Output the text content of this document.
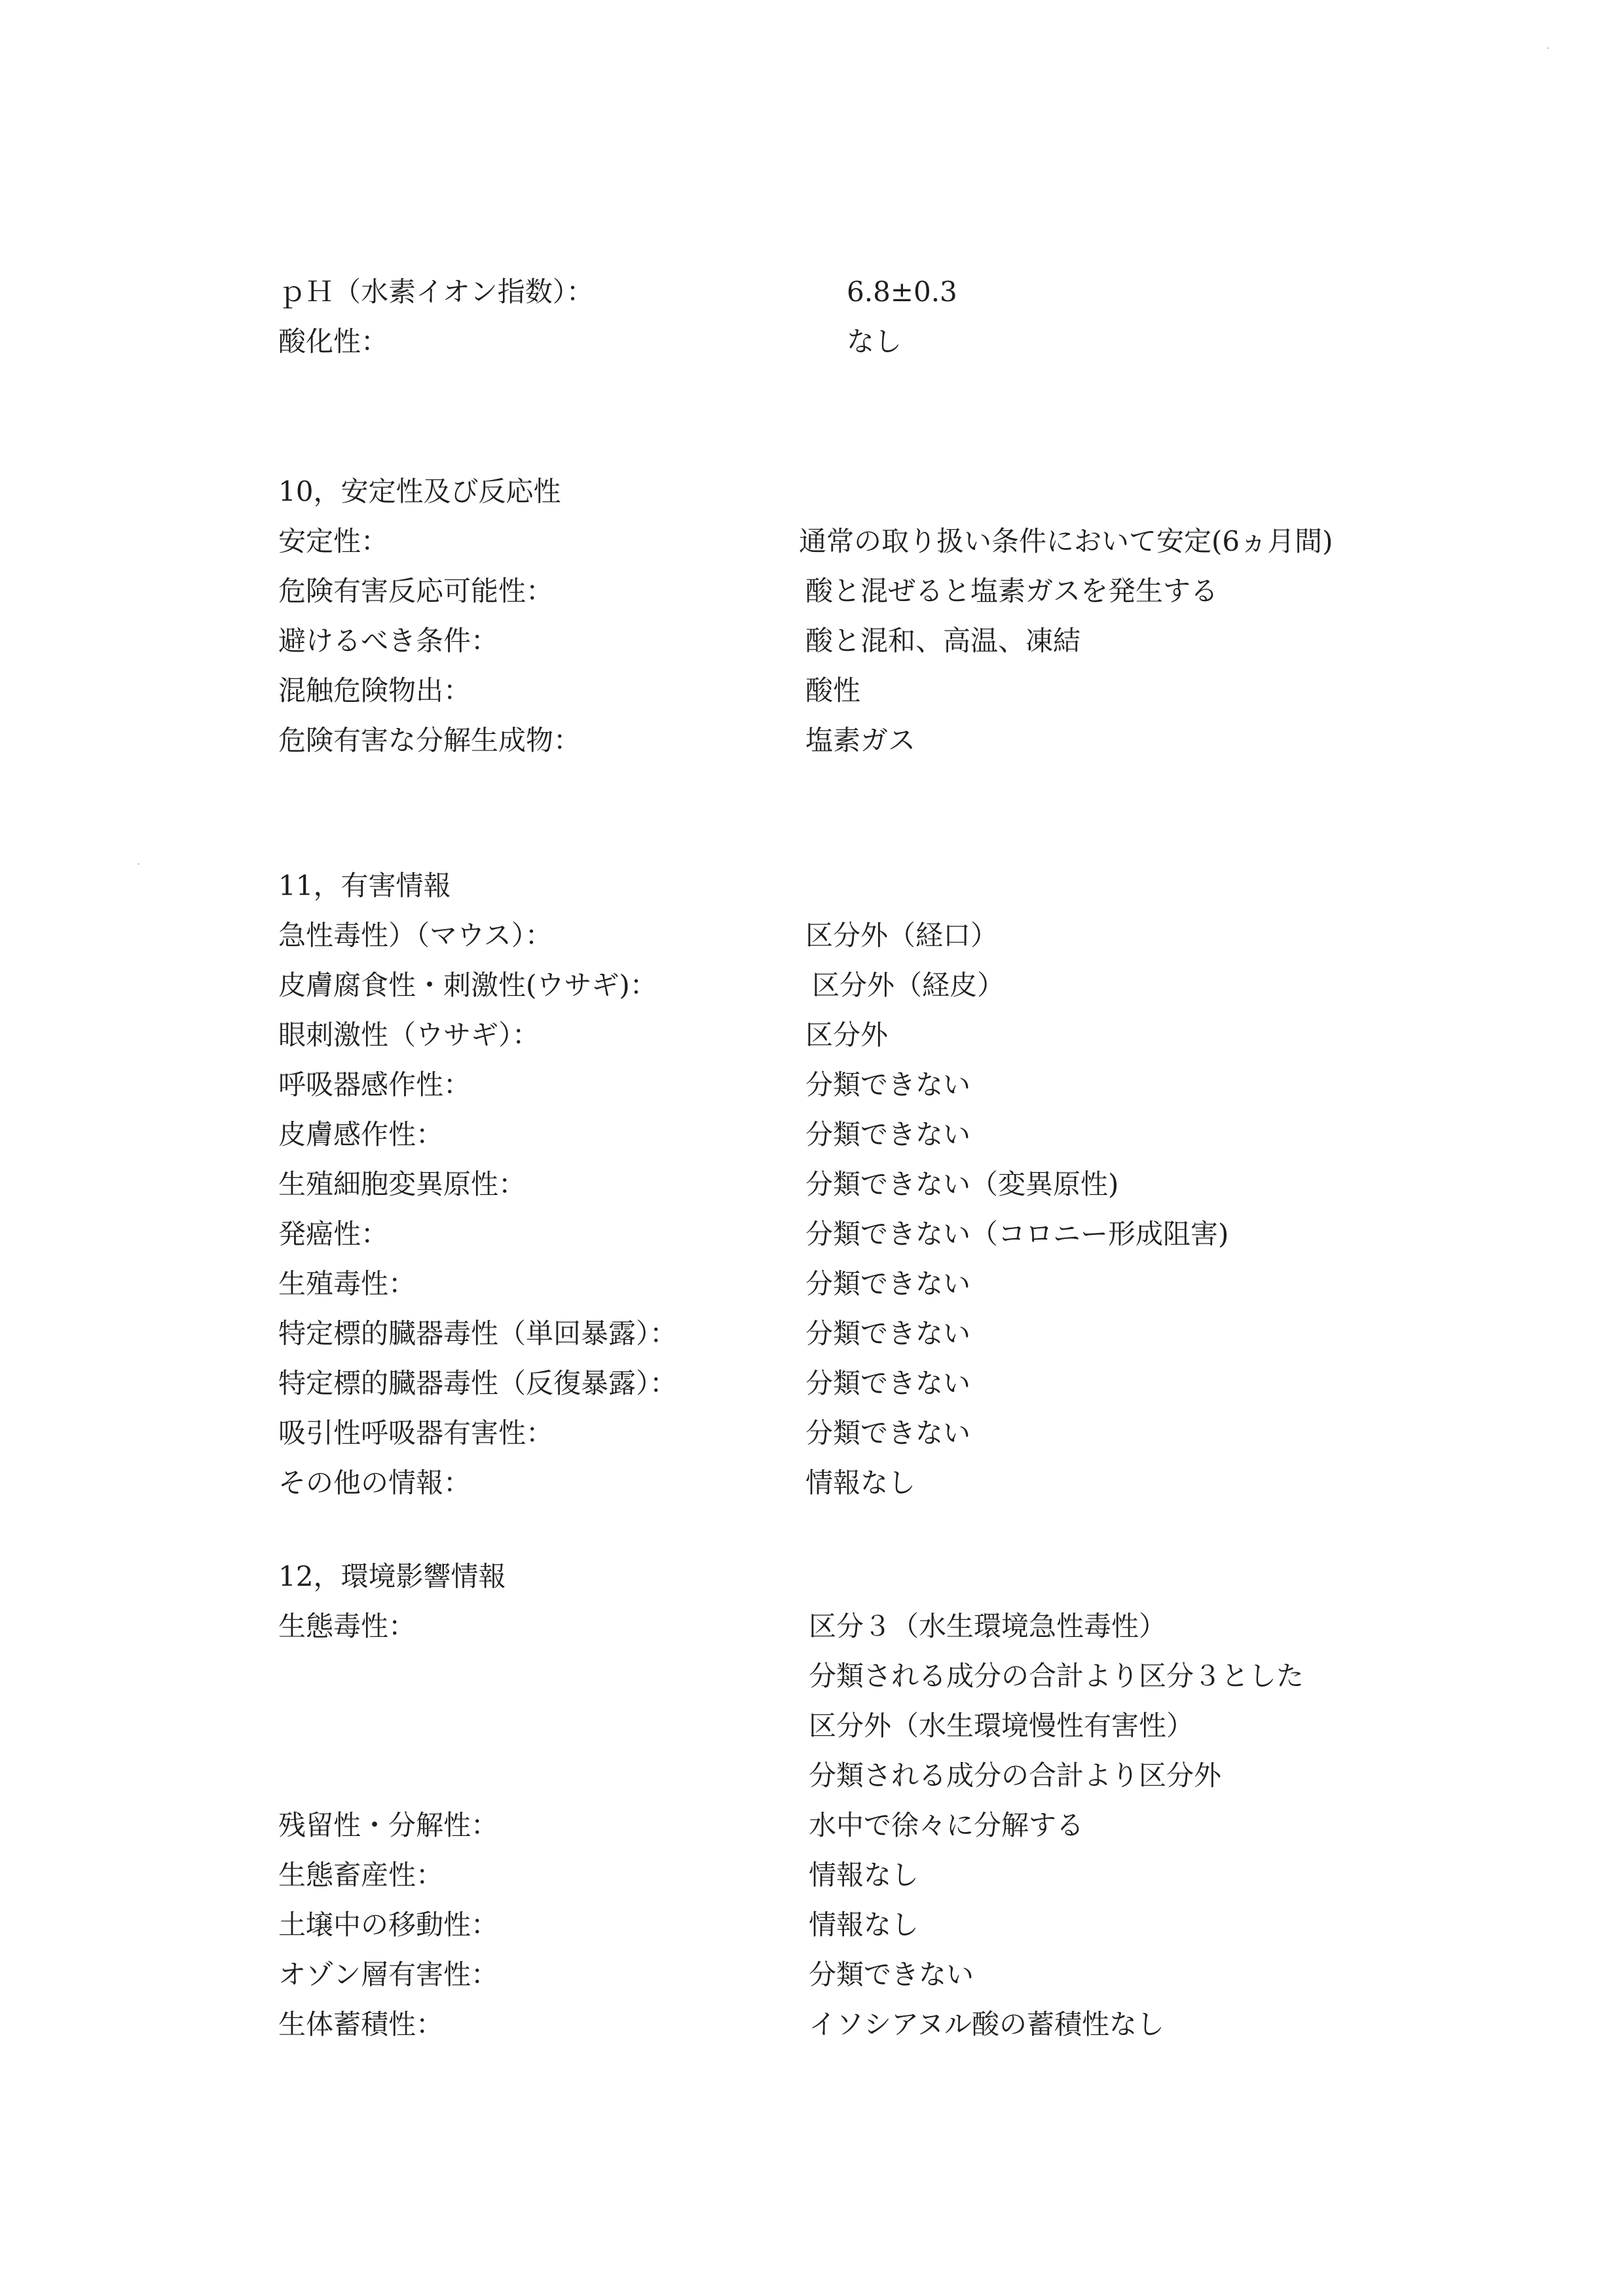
ｐＨ（水素イオン指数）：	6.8±0.3
酸化性：	なし
10，安定性及び反応性
安定性：	通常の取り扱い条件において安定(6ヵ月間)
危険有害反応可能性：	酸と混ぜると塩素ガスを発生する
避けるべき条件：	酸と混和、高温、凍結
混触危険物出：	酸性
危険有害な分解生成物：	塩素ガス
11，有害情報
急性毒性）（マウス）：	区分外（経口）
皮膚腐食性・刺激性(ウサギ)：	区分外（経皮）
眼刺激性（ウサギ）：	区分外
呼吸器感作性：	分類できない
皮膚感作性：	分類できない
生殖細胞変異原性：	分類できない（変異原性)
発癌性：	分類できない（コロニー形成阻害)
生殖毒性：	分類できない
特定標的臓器毒性（単回暴露）：	分類できない
特定標的臓器毒性（反復暴露）：	分類できない
吸引性呼吸器有害性：	分類できない
その他の情報：	情報なし
12，環境影響情報
生態毒性：	区分３（水生環境急性毒性）
分類される成分の合計より区分３とした
区分外（水生環境慢性有害性）
分類される成分の合計より区分外
残留性・分解性：	水中で徐々に分解する
生態畜産性：	情報なし
土壌中の移動性：	情報なし
オゾン層有害性：	分類できない
生体蓄積性：	イソシアヌル酸の蓄積性なし
